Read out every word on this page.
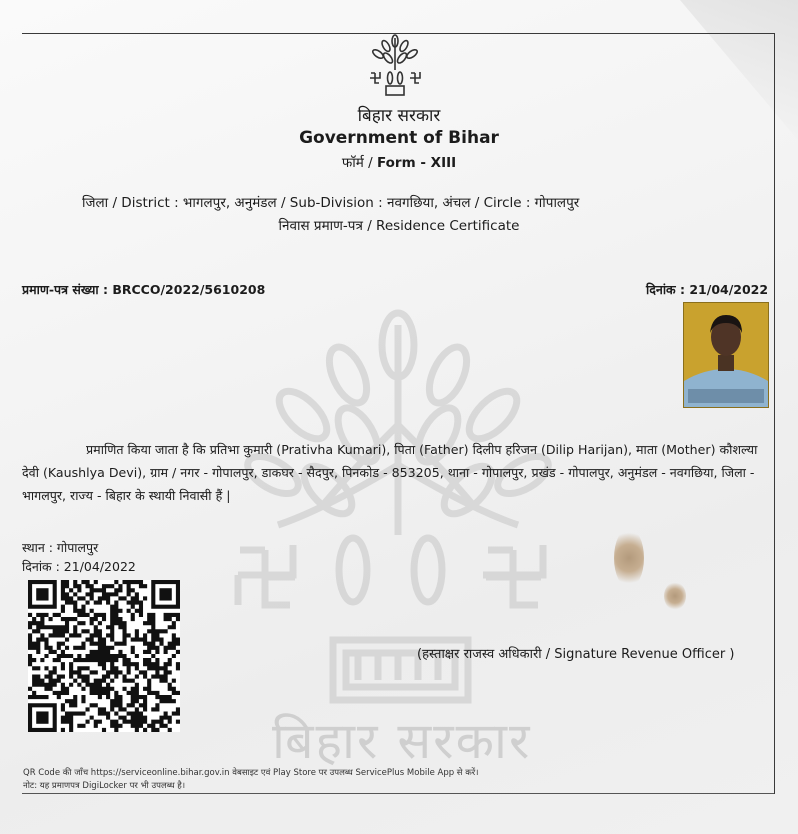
बिहार सरकार
बिहार सरकार
Government of Bihar
फॉर्म / Form - XIII
जिला / District : भागलपुर, अनुमंडल / Sub-Division : नवगछिया, अंचल / Circle : गोपालपुर
निवास प्रमाण-पत्र / Residence Certificate
प्रमाण-पत्र संख्या : BRCCO/2022/5610208	दिनांक : 21/04/2022
प्रमाणित किया जाता है कि प्रतिभा कुमारी (Prativha Kumari), पिता (Father) दिलीप हरिजन (Dilip Harijan), माता (Mother) कौशल्या देवी (Kaushlya Devi), ग्राम / नगर - गोपालपुर, डाकघर - सैदपुर, पिनकोड - 853205, थाना - गोपालपुर, प्रखंड - गोपालपुर, अनुमंडल - नवगछिया, जिला - भागलपुर, राज्य - बिहार के स्थायी निवासी हैं |
स्थान : गोपालपुर
दिनांक : 21/04/2022
(हस्ताक्षर राजस्व अधिकारी / Signature Revenue Officer )
QR Code की जाँच https://serviceonline.bihar.gov.in वेबसाइट एवं Play Store पर उपलब्ध ServicePlus Mobile App से करें।
नोट: यह प्रमाणपत्र DigiLocker पर भी उपलब्ध है।
